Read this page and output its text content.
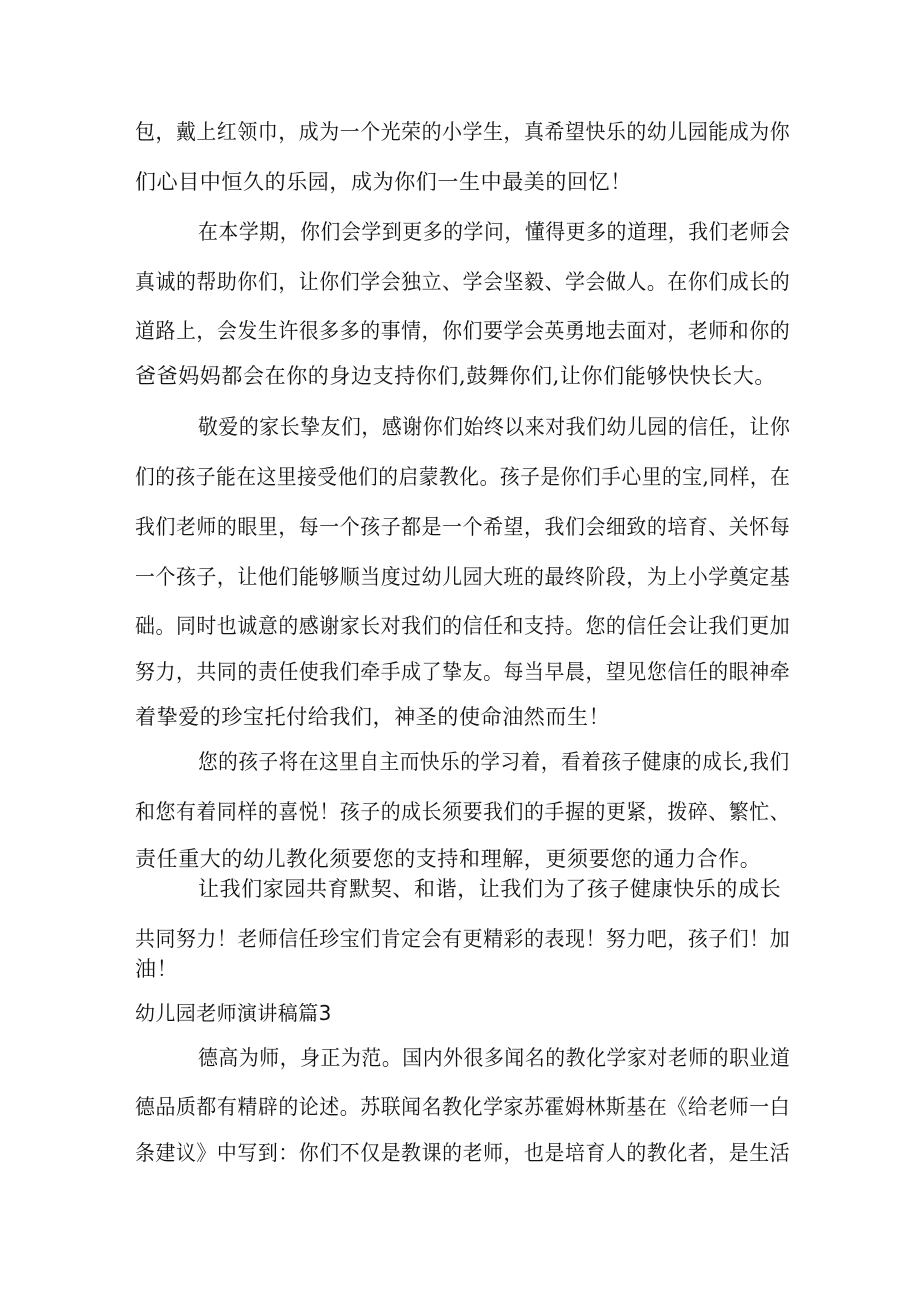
包，戴上红领巾，成为一个光荣的小学生，真希望快乐的幼儿园能成为你
们心目中恒久的乐园，成为你们一生中最美的回忆！
在本学期，你们会学到更多的学问，懂得更多的道理，我们老师会
真诚的帮助你们，让你们学会独立、学会坚毅、学会做人。在你们成长的
道路上，会发生许很多多的事情，你们要学会英勇地去面对，老师和你的
爸爸妈妈都会在你的身边支持你们,鼓舞你们,让你们能够快快长大。
敬爱的家长挚友们，感谢你们始终以来对我们幼儿园的信任，让你
们的孩子能在这里接受他们的启蒙教化。孩子是你们手心里的宝,同样，在
我们老师的眼里，每一个孩子都是一个希望，我们会细致的培育、关怀每
一个孩子，让他们能够顺当度过幼儿园大班的最终阶段，为上小学奠定基
础。同时也诚意的感谢家长对我们的信任和支持。您的信任会让我们更加
努力，共同的责任使我们牵手成了挚友。每当早晨，望见您信任的眼神牵
着挚爱的珍宝托付给我们，神圣的使命油然而生！
您的孩子将在这里自主而快乐的学习着，看着孩子健康的成长,我们
和您有着同样的喜悦！孩子的成长须要我们的手握的更紧，拨碎、繁忙、
责任重大的幼儿教化须要您的支持和理解，更须要您的通力合作。
让我们家园共育默契、和谐，让我们为了孩子健康快乐的成长
共同努力！老师信任珍宝们肯定会有更精彩的表现！努力吧，孩子们！加
油！
幼儿园老师演讲稿篇3
德高为师，身正为范。国内外很多闻名的教化学家对老师的职业道
德品质都有精辟的论述。苏联闻名教化学家苏霍姆林斯基在《给老师一白
条建议》中写到：你们不仅是教课的老师，也是培育人的教化者，是生活
